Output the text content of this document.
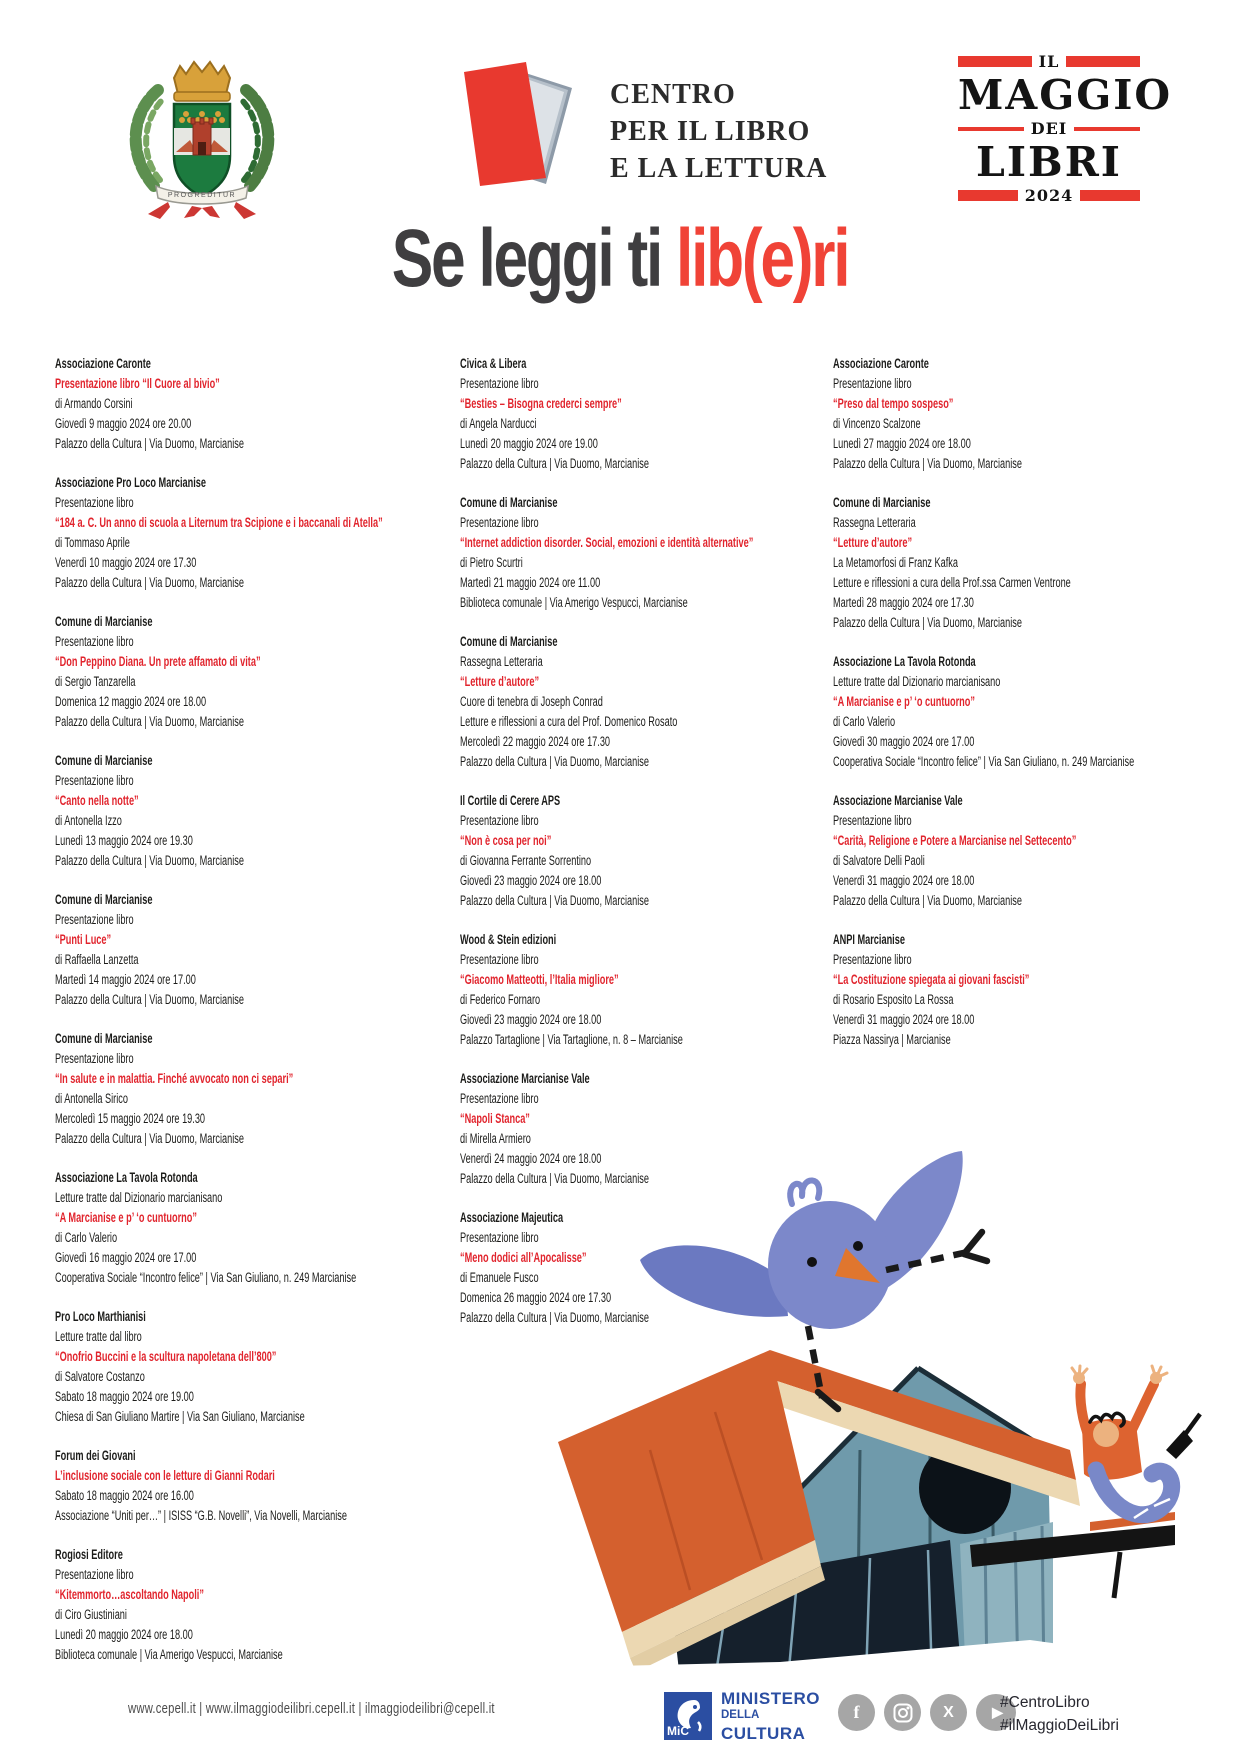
PROGREDITUR
CENTRO
PER IL LIBRO
E LA LETTURA
IL
MAGGIO
DEI
LIBRI
2024
Se leggi ti lib(e)ri
Associazione Caronte
Presentazione libro “Il Cuore al bivio”
di Armando Corsini
Giovedì 9 maggio 2024 ore 20.00
Palazzo della Cultura | Via Duomo, Marcianise
Associazione Pro Loco Marcianise
Presentazione libro
“184 a. C. Un anno di scuola a Liternum tra Scipione e i baccanali di Atella”
di Tommaso Aprile
Venerdì 10 maggio 2024 ore 17.30
Palazzo della Cultura | Via Duomo, Marcianise
Comune di Marcianise
Presentazione libro
“Don Peppino Diana. Un prete affamato di vita”
di Sergio Tanzarella
Domenica 12 maggio 2024 ore 18.00
Palazzo della Cultura | Via Duomo, Marcianise
Comune di Marcianise
Presentazione libro
“Canto nella notte”
di Antonella Izzo
Lunedì 13 maggio 2024 ore 19.30
Palazzo della Cultura | Via Duomo, Marcianise
Comune di Marcianise
Presentazione libro
“Punti Luce”
di Raffaella Lanzetta
Martedì 14 maggio 2024 ore 17.00
Palazzo della Cultura | Via Duomo, Marcianise
Comune di Marcianise
Presentazione libro
“In salute e in malattia. Finché avvocato non ci separi”
di Antonella Sirico
Mercoledì 15 maggio 2024 ore 19.30
Palazzo della Cultura | Via Duomo, Marcianise
Associazione La Tavola Rotonda
Letture tratte dal Dizionario marcianisano
“A Marcianise e p’ ‘o cuntuorno”
di Carlo Valerio
Giovedì 16 maggio 2024 ore 17.00
Cooperativa Sociale “Incontro felice” | Via San Giuliano, n. 249 Marcianise
Pro Loco Marthianisi
Letture tratte dal libro
“Onofrio Buccini e la scultura napoletana dell’800”
di Salvatore Costanzo
Sabato 18 maggio 2024 ore 19.00
Chiesa di San Giuliano Martire | Via San Giuliano, Marcianise
Forum dei Giovani
L’inclusione sociale con le letture di Gianni Rodari
Sabato 18 maggio 2024 ore 16.00
Associazione “Uniti per…” | ISISS “G.B. Novelli”, Via Novelli, Marcianise
Rogiosi Editore
Presentazione libro
“Kitemmorto…ascoltando Napoli”
di Ciro Giustiniani
Lunedì 20 maggio 2024 ore 18.00
Biblioteca comunale | Via Amerigo Vespucci, Marcianise
Civica & Libera
Presentazione libro
“Besties – Bisogna crederci sempre”
di Angela Narducci
Lunedì 20 maggio 2024 ore 19.00
Palazzo della Cultura | Via Duomo, Marcianise
Comune di Marcianise
Presentazione libro
“Internet addiction disorder. Social, emozioni e identità alternative”
di Pietro Scurtri
Martedì 21 maggio 2024 ore 11.00
Biblioteca comunale | Via Amerigo Vespucci, Marcianise
Comune di Marcianise
Rassegna Letteraria
“Letture d’autore”
Cuore di tenebra di Joseph Conrad
Letture e riflessioni a cura del Prof. Domenico Rosato
Mercoledì 22 maggio 2024 ore 17.30
Palazzo della Cultura | Via Duomo, Marcianise
Il Cortile di Cerere APS
Presentazione libro
“Non è cosa per noi”
di Giovanna Ferrante Sorrentino
Giovedì 23 maggio 2024 ore 18.00
Palazzo della Cultura | Via Duomo, Marcianise
Wood & Stein edizioni
Presentazione libro
“Giacomo Matteotti, l’Italia migliore”
di Federico Fornaro
Giovedì 23 maggio 2024 ore 18.00
Palazzo Tartaglione | Via Tartaglione, n. 8 – Marcianise
Associazione Marcianise Vale
Presentazione libro
“Napoli Stanca”
di Mirella Armiero
Venerdì 24 maggio 2024 ore 18.00
Palazzo della Cultura | Via Duomo, Marcianise
Associazione Majeutica
Presentazione libro
“Meno dodici all’Apocalisse”
di Emanuele Fusco
Domenica 26 maggio 2024 ore 17.30
Palazzo della Cultura | Via Duomo, Marcianise
Associazione Caronte
Presentazione libro
“Preso dal tempo sospeso”
di Vincenzo Scalzone
Lunedì 27 maggio 2024 ore 18.00
Palazzo della Cultura | Via Duomo, Marcianise
Comune di Marcianise
Rassegna Letteraria
“Letture d’autore”
La Metamorfosi di Franz Kafka
Letture e riflessioni a cura della Prof.ssa Carmen Ventrone
Martedì 28 maggio 2024 ore 17.30
Palazzo della Cultura | Via Duomo, Marcianise
Associazione La Tavola Rotonda
Letture tratte dal Dizionario marcianisano
“A Marcianise e p’ ‘o cuntuorno”
di Carlo Valerio
Giovedì 30 maggio 2024 ore 17.00
Cooperativa Sociale “Incontro felice” | Via San Giuliano, n. 249 Marcianise
Associazione Marcianise Vale
Presentazione libro
“Carità, Religione e Potere a Marcianise nel Settecento”
di Salvatore Delli Paoli
Venerdì 31 maggio 2024 ore 18.00
Palazzo della Cultura | Via Duomo, Marcianise
ANPI Marcianise
Presentazione libro
“La Costituzione spiegata ai giovani fascisti”
di Rosario Esposito La Rossa
Venerdì 31 maggio 2024 ore 18.00
Piazza Nassirya | Marcianise
www.cepell.it | www.ilmaggiodeilibri.cepell.it | ilmaggiodeilibri@cepell.it
MiC
MINISTERO
DELLA
CULTURA
f	X	▶
#CentroLibro
#ilMaggioDeiLibri
